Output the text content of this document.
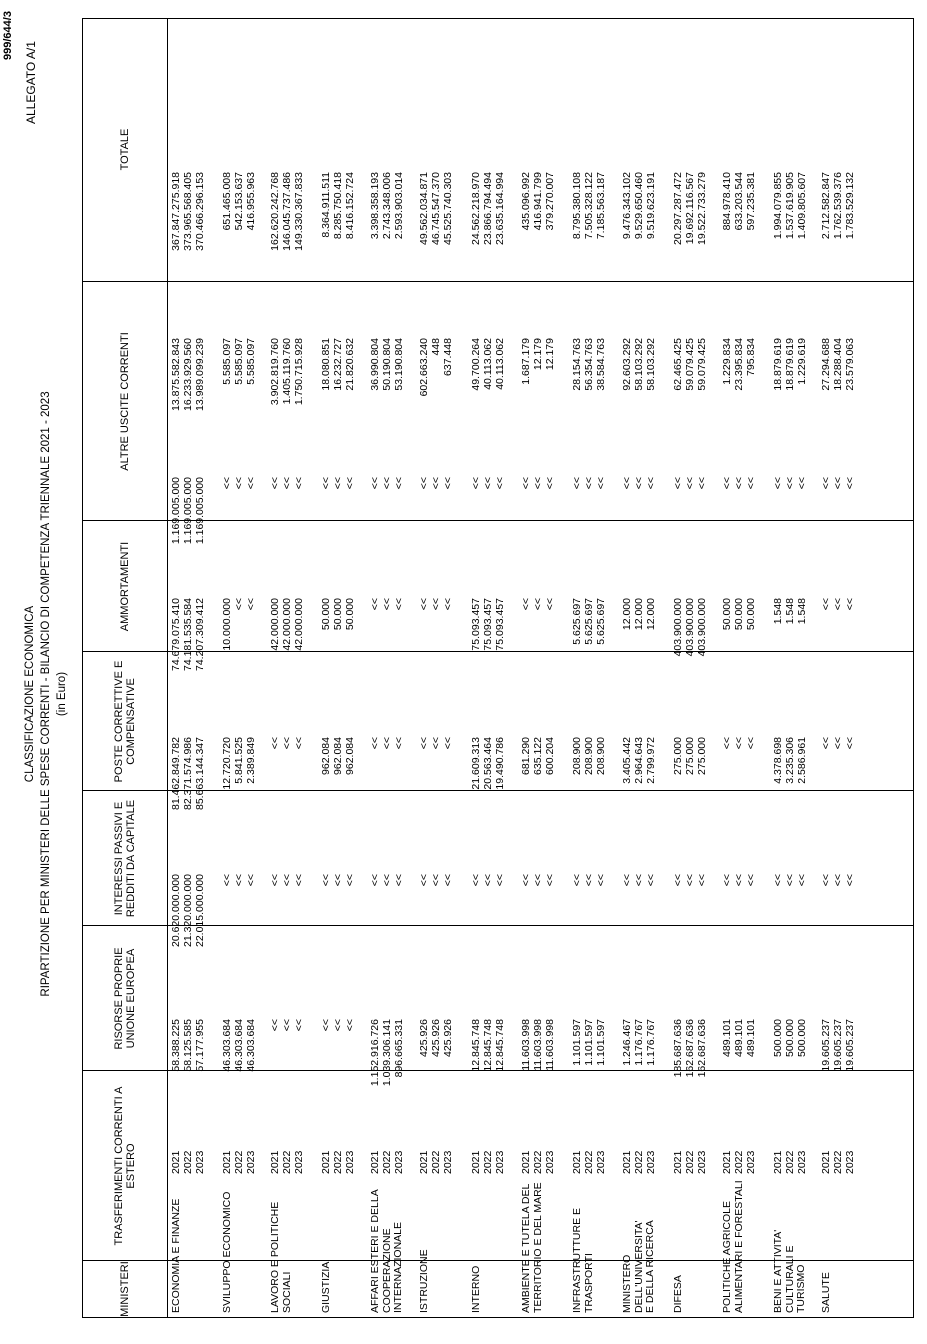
999/644/3
ALLEGATO A/1
CLASSIFICAZIONE ECONOMICA RIPARTIZIONE PER MINISTERI DELLE SPESE CORRENTI - BILANCIO DI COMPETENZA TRIENNALE 2021 - 2023 (in Euro)
MINISTERI
TRASFERIMENTI CORRENTI A ESTERO
RISORSE PROPRIE UNIONE EUROPEA
INTERESSI PASSIVI E REDDITI DA CAPITALE
POSTE CORRETTIVE E COMPENSATIVE
AMMORTAMENTI
ALTRE USCITE CORRENTI
TOTALE
ECONOMIA E FINANZE
2021
58.388.225
20.620.000.000
81.462.849.782
74.679.075.410
1.169.005.000
13.875.582.843
367.847.275.918
2022
58.125.585
21.320.000.000
82.371.574.986
74.181.535.584
1.169.005.000
16.233.929.560
373.965.568.405
2023
57.177.955
22.015.000.000
85.663.144.347
74.207.309.412
1.169.005.000
13.989.099.239
370.466.296.153
SVILUPPO ECONOMICO
2021
46.303.684
<<
12.720.720
10.000.000
<<
5.585.097
651.465.008
2022
46.303.684
<<
5.841.525
<<
<<
5.585.097
542.153.637
2023
46.303.684
<<
2.389.849
<<
<<
5.585.097
416.955.963
LAVORO E POLITICHE SOCIALI
2021
<<
<<
<<
42.000.000
<<
3.902.819.760
162.620.242.768
2022
<<
<<
<<
42.000.000
<<
1.405.119.760
146.045.737.486
2023
<<
<<
<<
42.000.000
<<
1.750.715.928
149.330.367.833
GIUSTIZIA
2021
<<
<<
962.084
50.000
<<
18.080.851
8.364.911.511
2022
<<
<<
962.084
50.000
<<
16.232.727
8.285.750.418
2023
<<
<<
962.084
50.000
<<
21.820.632
8.416.152.724
AFFARI ESTERI E DELLA COOPERAZIONE INTERNAZIONALE
2021
1.152.916.726
<<
<<
<<
<<
36.990.804
3.398.358.193
2022
1.039.306.141
<<
<<
<<
<<
50.190.804
2.743.348.006
2023
896.665.331
<<
<<
<<
<<
53.190.804
2.593.903.014
ISTRUZIONE
2021
425.926
<<
<<
<<
<<
602.663.240
49.562.034.871
2022
425.926
<<
<<
<<
<<
448
46.745.547.370
2023
425.926
<<
<<
<<
<<
637.448
45.525.740.303
INTERNO
2021
12.845.748
<<
21.609.313
75.093.457
<<
49.700.264
24.562.218.970
2022
12.845.748
<<
20.563.464
75.093.457
<<
40.113.062
23.866.794.494
2023
12.845.748
<<
19.490.786
75.093.457
<<
40.113.062
23.635.164.994
AMBIENTE E TUTELA DEL TERRITORIO E DEL MARE
2021
11.603.998
<<
681.290
<<
<<
1.687.179
435.096.992
2022
11.603.998
<<
635.122
<<
<<
12.179
416.941.799
2023
11.603.998
<<
600.204
<<
<<
12.179
379.270.007
INFRASTRUTTURE E TRASPORTI
2021
1.101.597
<<
208.900
5.625.697
<<
28.154.763
8.795.380.108
2022
1.101.597
<<
208.900
5.625.697
<<
56.354.763
7.505.328.122
2023
1.101.597
<<
208.900
5.625.697
<<
38.584.763
7.185.563.187
MINISTERO DELL'UNIVERSITA' E DELLA RICERCA
2021
1.246.467
<<
3.405.442
12.000
<<
92.603.292
9.476.343.102
2022
1.176.767
<<
2.964.643
12.000
<<
58.103.292
9.529.650.460
2023
1.176.767
<<
2.799.972
12.000
<<
58.103.292
9.519.623.191
DIFESA
2021
185.687.636
<<
275.000
403.900.000
<<
62.465.425
20.297.287.472
2022
162.687.636
<<
275.000
403.900.000
<<
59.079.425
19.692.116.567
2023
162.687.636
<<
275.000
403.900.000
<<
59.079.425
19.522.733.279
POLITICHE AGRICOLE ALIMENTARI E FORESTALI
2021
489.101
<<
<<
50.000
<<
1.229.834
884.978.410
2022
489.101
<<
<<
50.000
<<
23.395.834
633.203.544
2023
489.101
<<
<<
50.000
<<
795.834
597.235.381
BENI E ATTIVITA' CULTURALI E TURISMO
2021
500.000
<<
4.378.698
1.548
<<
18.879.619
1.994.079.855
2022
500.000
<<
3.235.306
1.548
<<
18.879.619
1.537.619.905
2023
500.000
<<
2.586.961
1.548
<<
1.229.619
1.409.805.607
SALUTE
2021
19.605.237
<<
<<
<<
<<
27.294.688
2.712.582.847
2022
19.605.237
<<
<<
<<
<<
18.288.404
1.762.539.376
2023
19.605.237
<<
<<
<<
<<
23.579.063
1.783.529.132
